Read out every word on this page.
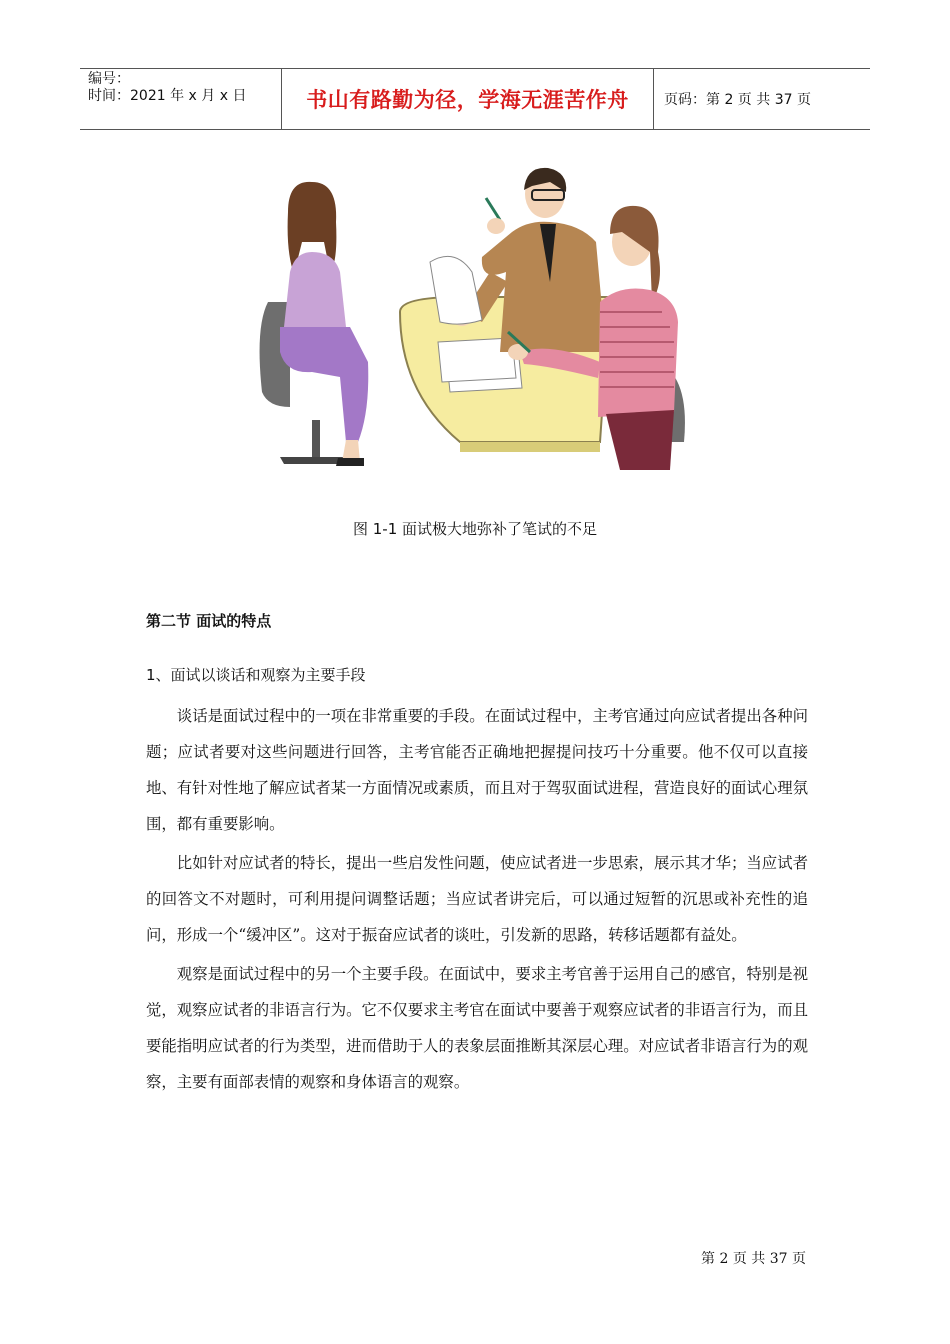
编号：
时间：2021 年 x 月 x 日	书山有路勤为径，学海无涯苦作舟	页码：第 2 页 共 37 页
图 1-1 面试极大地弥补了笔试的不足
第二节 面试的特点
1、面试以谈话和观察为主要手段

谈话是面试过程中的一项在非常重要的手段。在面试过程中，主考官通过向应试者提出各种问题；应试者要对这些问题进行回答，主考官能否正确地把握提问技巧十分重要。他不仅可以直接地、有针对性地了解应试者某一方面情况或素质，而且对于驾驭面试进程，营造良好的面试心理氛围，都有重要影响。

比如针对应试者的特长，提出一些启发性问题，使应试者进一步思索，展示其才华；当应试者的回答文不对题时，可利用提问调整话题；当应试者讲完后，可以通过短暂的沉思或补充性的追问，形成一个“缓冲区”。这对于振奋应试者的谈吐，引发新的思路，转移话题都有益处。

观察是面试过程中的另一个主要手段。在面试中，要求主考官善于运用自己的感官，特别是视觉，观察应试者的非语言行为。它不仅要求主考官在面试中要善于观察应试者的非语言行为，而且要能指明应试者的行为类型，进而借助于人的表象层面推断其深层心理。对应试者非语言行为的观察，主要有面部表情的观察和身体语言的观察。

第 2 页 共 37 页
